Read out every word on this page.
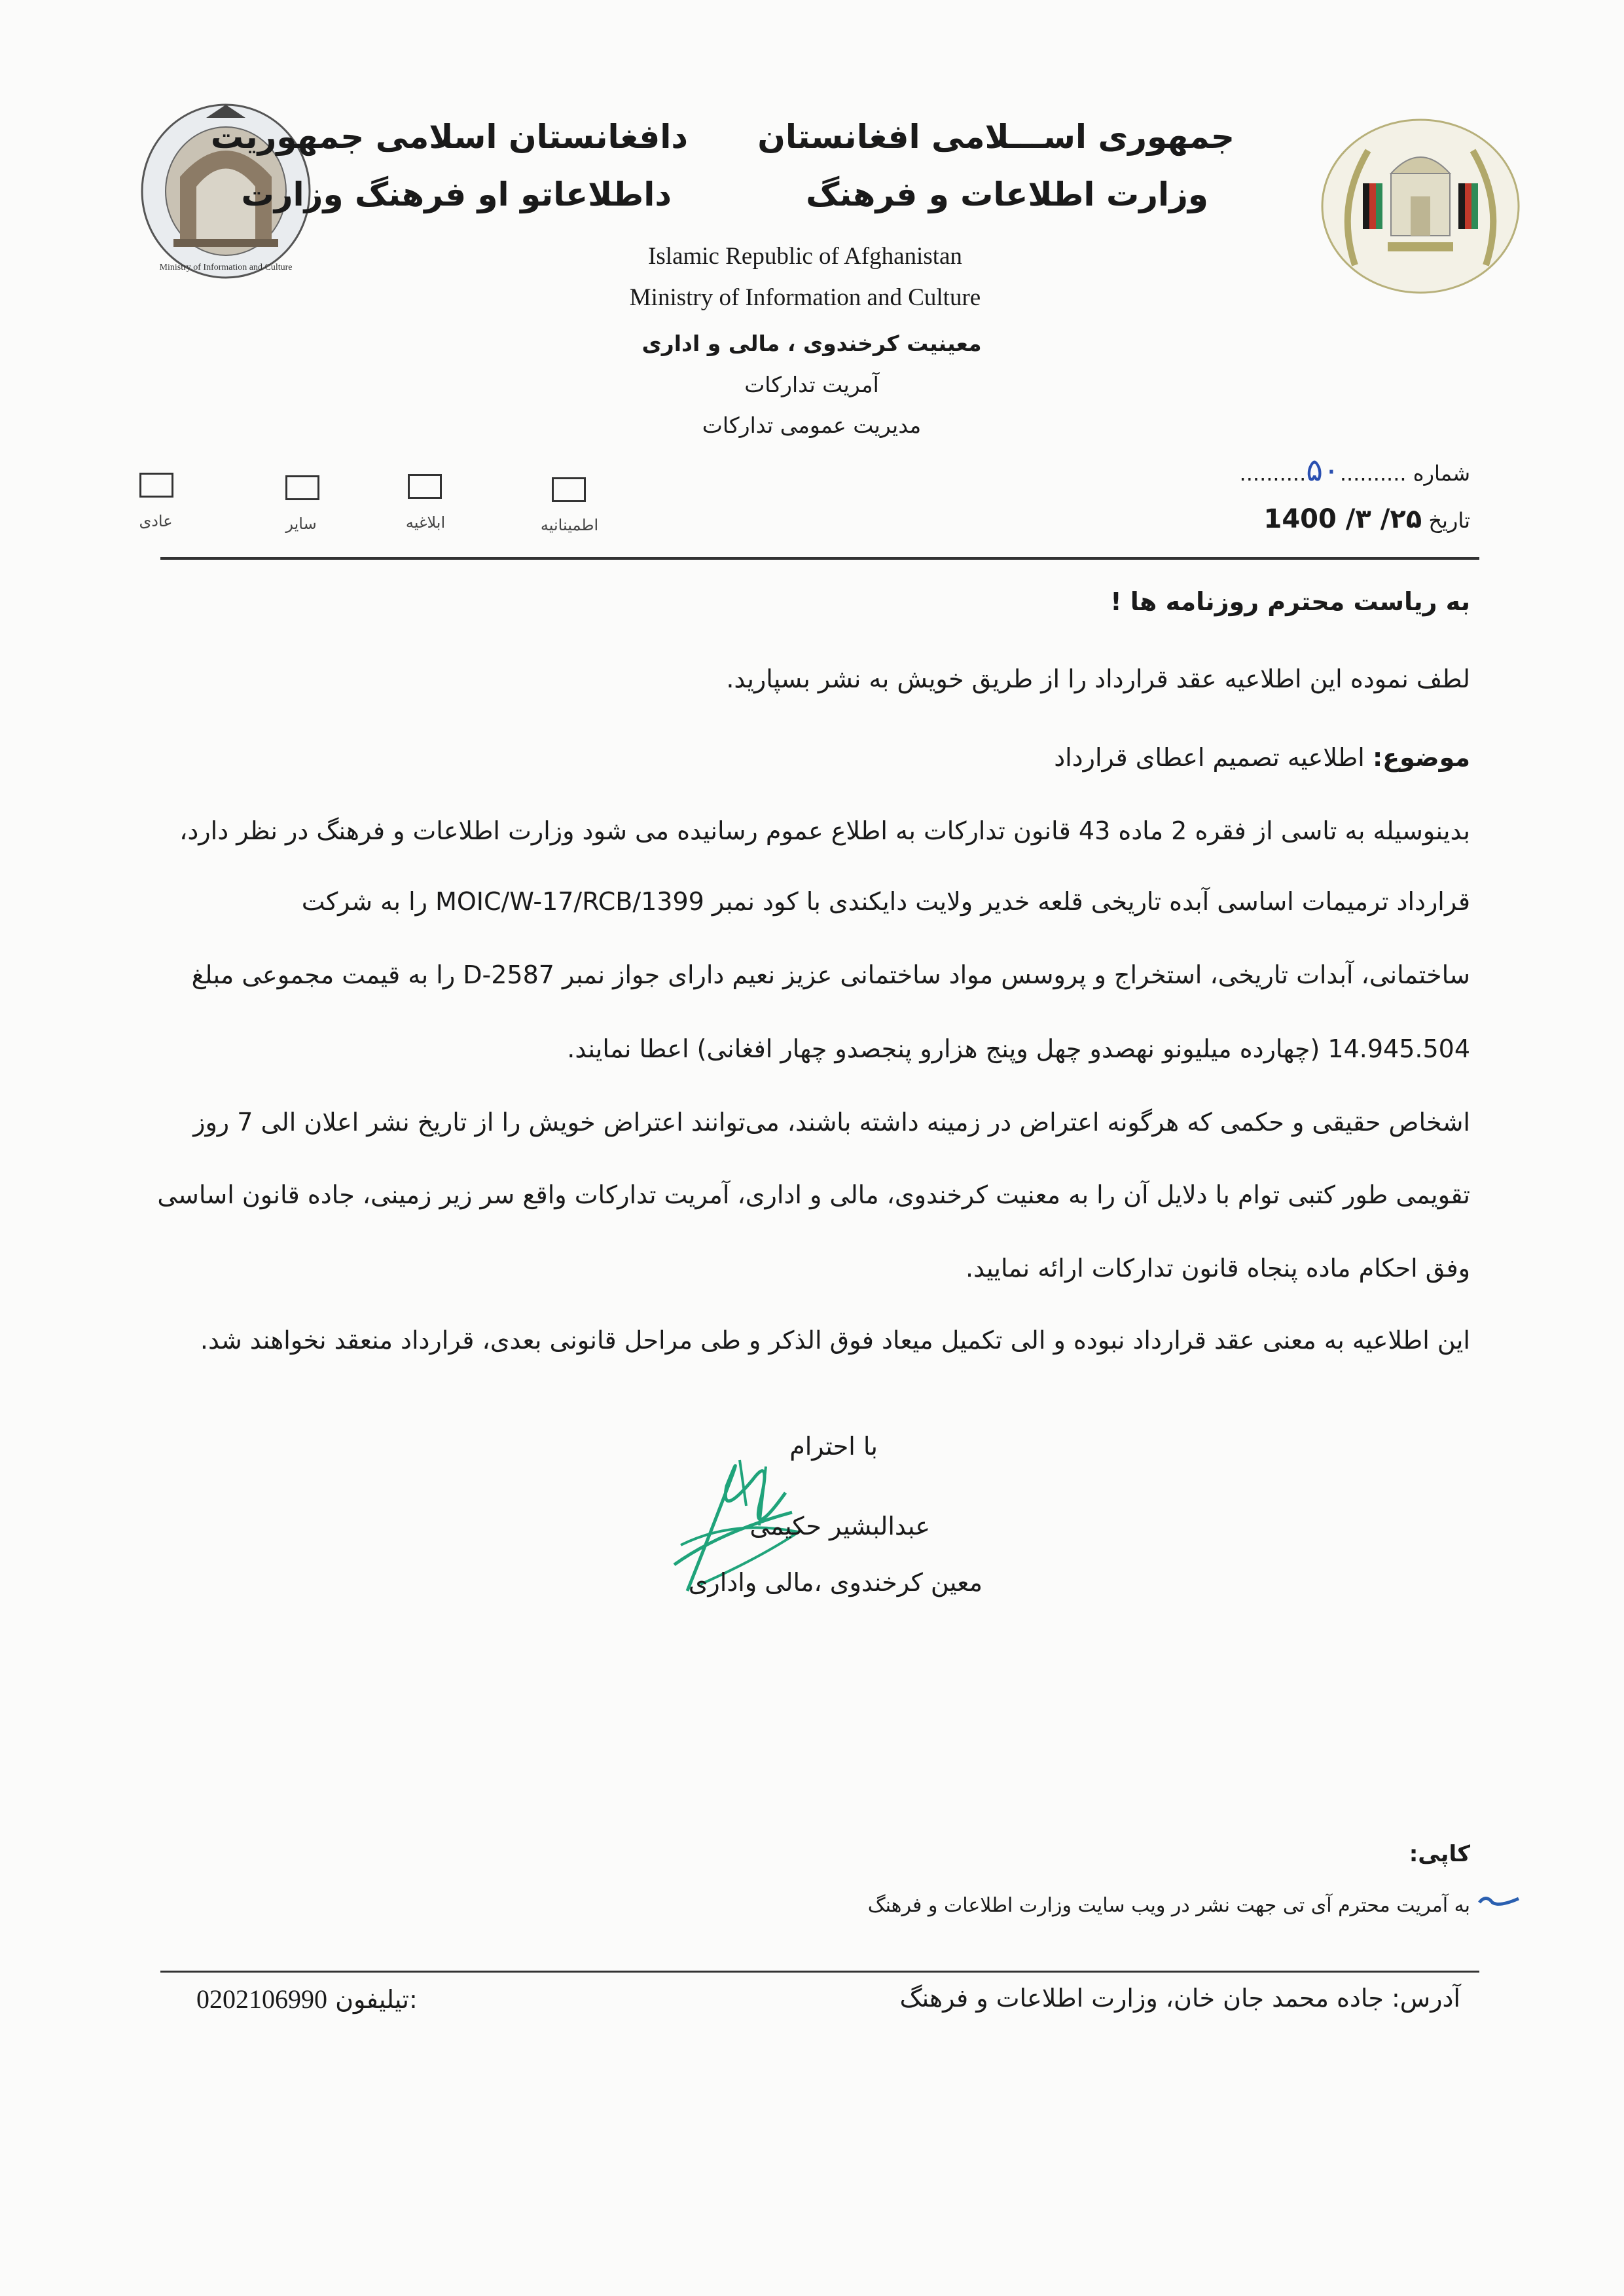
Ministry of Information and Culture
جمهوری اســـلامی افغانستان
وزارت اطلاعات و فرهنگ
دافغانستان اسلامی جمهوریت
داطلاعاتو او فرهنگ وزارت
Islamic Republic of Afghanistan
Ministry of Information and Culture
معینیت کرخندوی ، مالی و اداری
آمریت تدارکات
مدیریت عمومی تدارکات
اطمینانیه
ابلاغیه
سایر
عادی
شماره ..........۵۰..........
تاریخ ۲۵/ ۳/ 1400
به ریاست محترم روزنامه ها !
لطف نموده این اطلاعیه عقد قرارداد را از طریق خویش به نشر بسپارید.
موضوع: اطلاعیه تصمیم اعطای قرارداد
بدینوسیله به تاسی از فقره 2 ماده 43 قانون تدارکات به اطلاع عموم رسانیده می شود وزارت اطلاعات و فرهنگ در نظر دارد،
قرارداد ترمیمات اساسی آبده تاریخی قلعه خدیر ولایت دایکندی با کود نمبر MOIC/W-17/RCB/1399 را به شرکت
ساختمانی، آبدات تاریخی، استخراج و پروسس مواد ساختمانی عزیز نعیم دارای جواز نمبر D-2587 را به قیمت مجموعی مبلغ
14.945.504 (چهارده میلیونو نهصدو چهل وپنج هزارو پنجصدو چهار افغانی) اعطا نمایند.
اشخاص حقیقی و حکمی که هرگونه اعتراض در زمینه داشته باشند، می‌توانند اعتراض خویش را از تاریخ نشر اعلان الی 7 روز
تقویمی طور کتبی توام با دلایل آن را به معنیت کرخندوی، مالی و اداری، آمریت تدارکات واقع سر زیر زمینی، جاده قانون اساسی
وفق احکام ماده پنجاه قانون تدارکات ارائه نمایید.
این اطلاعیه به معنی عقد قرارداد نبوده و الی تکمیل میعاد فوق الذکر و طی مراحل قانونی بعدی، قرارداد منعقد نخواهند شد.
با احترام
عبدالبشیر حکیمی
معین کرخندوی ،مالی واداری
کاپی:
به آمریت محترم آی تی جهت نشر در ویب سایت وزارت اطلاعات و فرهنگ
آدرس: جاده محمد جان خان، وزارت اطلاعات و فرهنگ
0202106990 تیلیفون:
